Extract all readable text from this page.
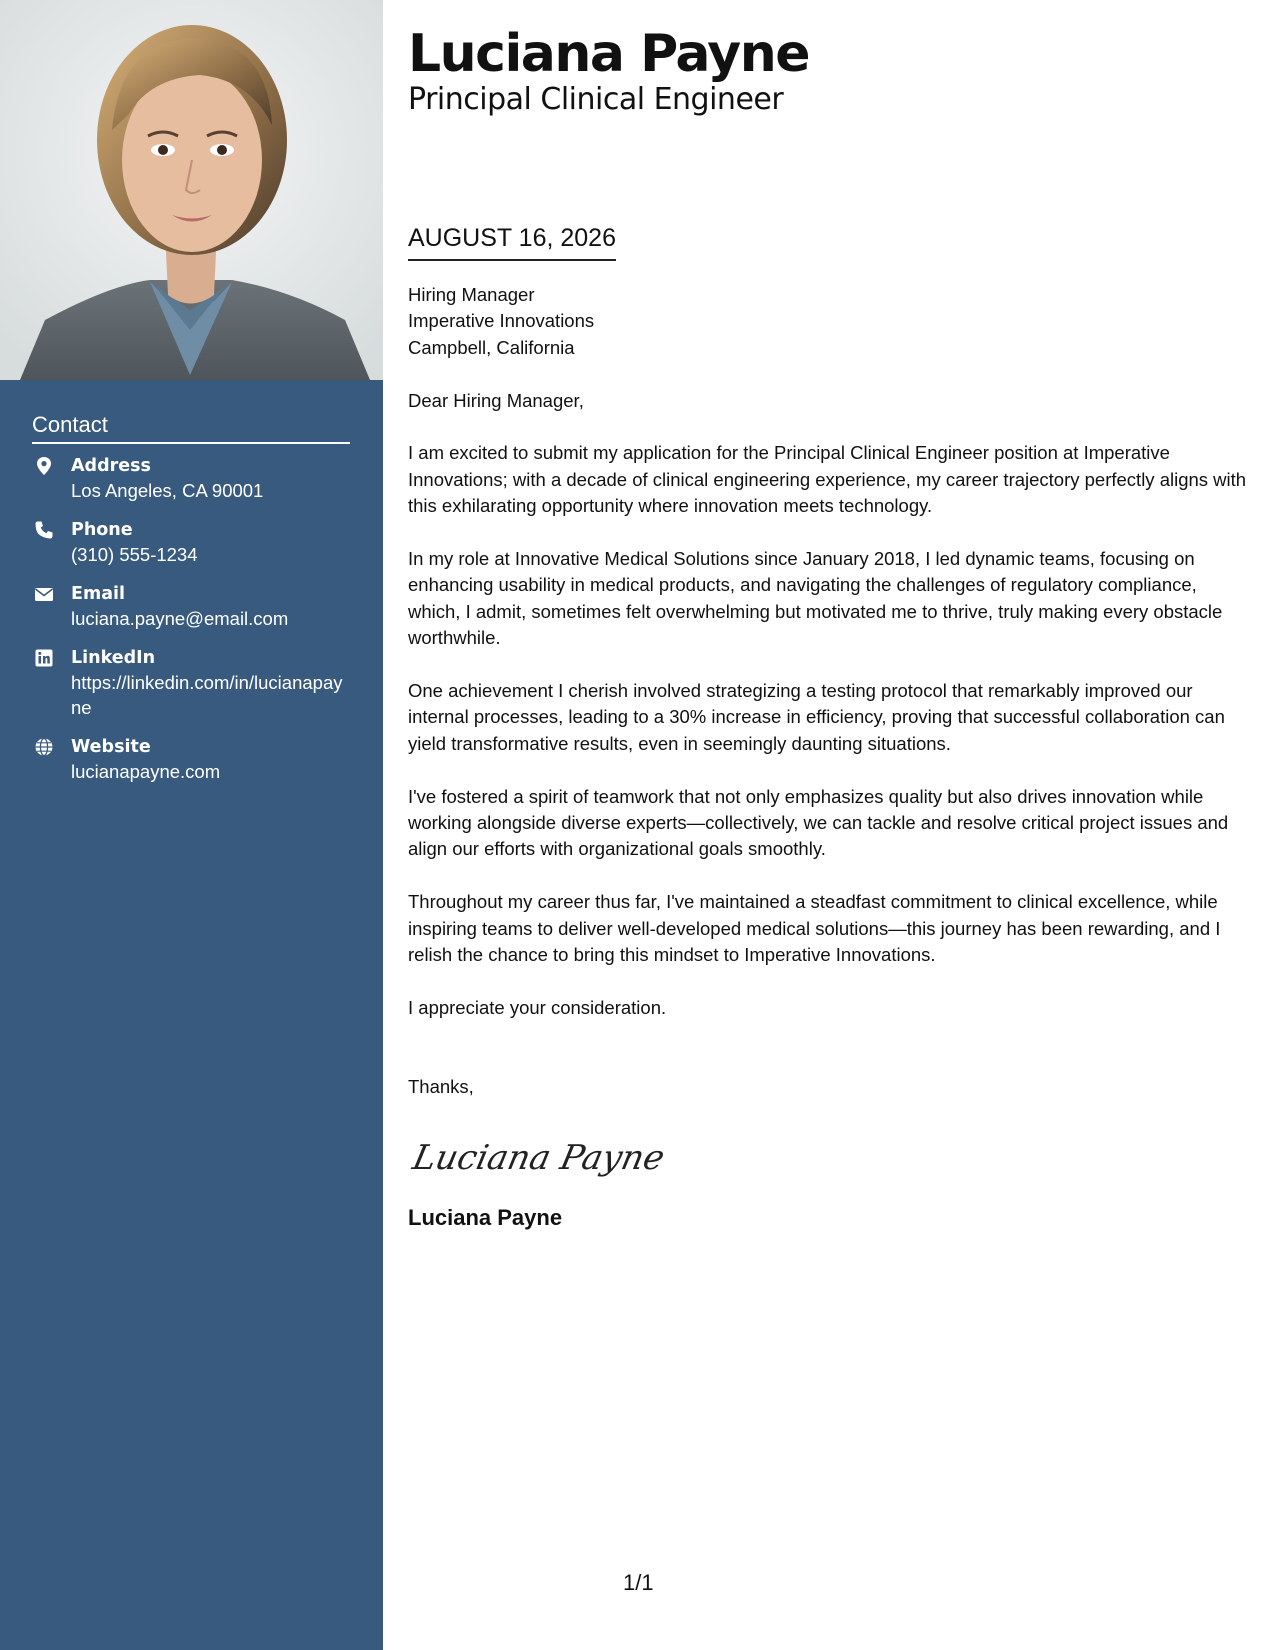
Contact
Address
Los Angeles, CA 90001
Phone
(310) 555-1234
Email
luciana.payne@email.com
LinkedIn
https://linkedin.com/in/lucianapayne
Website
lucianapayne.com
Luciana Payne
Principal Clinical Engineer
AUGUST 16, 2026
Hiring Manager
Imperative Innovations
Campbell, California

Dear Hiring Manager,

I am excited to submit my application for the Principal Clinical Engineer position at Imperative Innovations; with a decade of clinical engineering experience, my career trajectory perfectly aligns with this exhilarating opportunity where innovation meets technology.

In my role at Innovative Medical Solutions since January 2018, I led dynamic teams, focusing on enhancing usability in medical products, and navigating the challenges of regulatory compliance, which, I admit, sometimes felt overwhelming but motivated me to thrive, truly making every obstacle worthwhile.

One achievement I cherish involved strategizing a testing protocol that remarkably improved our internal processes, leading to a 30% increase in efficiency, proving that successful collaboration can yield transformative results, even in seemingly daunting situations.

I've fostered a spirit of teamwork that not only emphasizes quality but also drives innovation while working alongside diverse experts—collectively, we can tackle and resolve critical project issues and align our efforts with organizational goals smoothly.

Throughout my career thus far, I've maintained a steadfast commitment to clinical excellence, while inspiring teams to deliver well-developed medical solutions—this journey has been rewarding, and I relish the chance to bring this mindset to Imperative Innovations.

I appreciate your consideration.

Thanks,
Luciana Payne
Luciana Payne
1/1
